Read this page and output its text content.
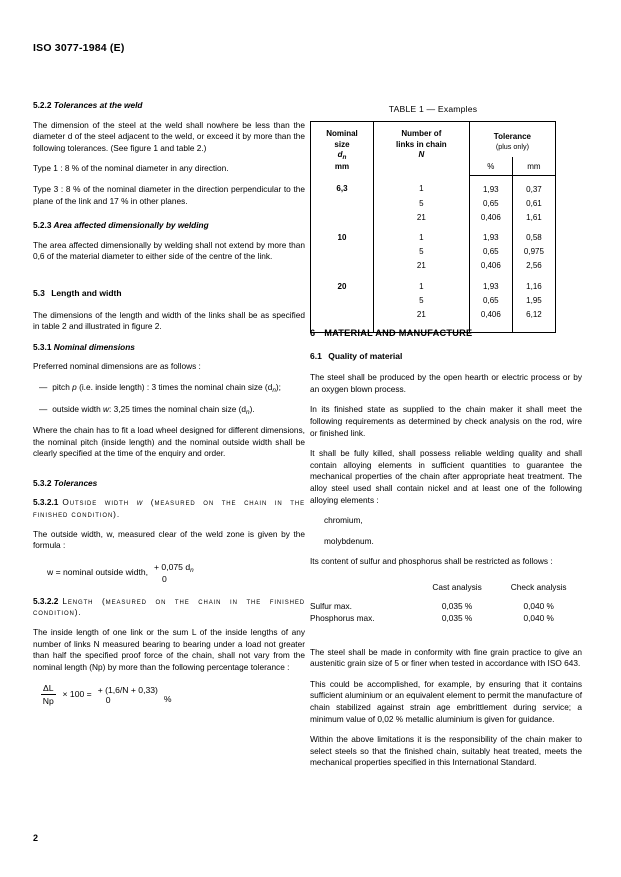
ISO 3077-1984 (E)
5.2.2 Tolerances at the weld

The dimension of the steel at the weld shall nowhere be less than the diameter d of the steel adjacent to the weld, or exceed it by more than the following tolerances. (See figure 1 and table 2.)

Type 1 : 8 % of the nominal diameter in any direction.

Type 3 : 8 % of the nominal diameter in the direction perpendicular to the plane of the link and 17 % in other planes.

5.2.3 Area affected dimensionally by welding

The area affected dimensionally by welding shall not extend by more than 0,6 of the material diameter to either side of the centre of the link.

5.3 Length and width

The dimensions of the length and width of the links shall be as specified in table 2 and illustrated in figure 2.

5.3.1 Nominal dimensions

Preferred nominal dimensions are as follows :

— pitch p (i.e. inside length) : 3 times the nominal chain size $(d_n)$;
— outside width w: 3,25 times the nominal chain size $(d_n)$.

Where the chain has to fit a load wheel designed for different dimensions, the nominal pitch (inside length) and the nominal outside width shall be clearly specified at the time of the enquiry and order.

5.3.2 Tolerances
5.3.2.1 Outside width w (measured on the chain in the finished condition).

The outside width, w, measured clear of the weld zone is given by the formula :

w = nominal outside width,
+ 0,075 $d_n$
0
5.3.2.2 Length (measured on the chain in the finished condition).

The inside length of one link or the sum L of the inside lengths of any number of links N measured bearing to bearing under a load not greater than half the specified proof force of the chain, shall not vary from the nominal length (Np) by more than the following percentage tolerance :

$\frac{\Delta L}{Np} \times 100$ = + (1,6/N + 0,33)
0	%
6 MATERIAL AND MANUFACTURE
6.1 Quality of material

The steel shall be produced by the open hearth or electric process or by an oxygen blown process.

In its finished state as supplied to the chain maker it shall meet the following requirements as determined by check analysis on the rod, wire or finished link.

It shall be fully killed, shall possess reliable welding quality and shall contain alloying elements in sufficient quantities to guarantee the mechanical properties of the chain after appropriate heat treatment. The alloy steel used shall contain nickel and at least one of the following alloying elements :

chromium,
molybdenum.

Its content of sulfur and phosphorus shall be restricted as follows :

	Cast analysis	Check analysis
Sulfur max.	0,035 %	0,040 %
Phosphorus max.	0,035 %	0,040 %

The steel shall be made in conformity with fine grain practice to give an austenitic grain size of 5 or finer when tested in accordance with ISO 643.

This could be accomplished, for example, by ensuring that it contains sufficient aluminium or an equivalent element to permit the manufacture of chain stabilized against strain age embrittlement during service; a minimum value of 0,02 % metallic aluminium is given for guidance.

Within the above limitations it is the responsibility of the chain maker to select steels so that the finished chain, suitably heat treated, meets the mechanical properties specified in this International Standard.

TABLE 1 — Examples
Nominal
size
$d_n$
mm	Number of
links in chain
N	
Tolerance
(plus only)

		%	mm
6,3	1	1,93	0,37
	5	0,65	0,61
	21	0,406	1,61
10	1	1,93	0,58
	5	0,65	0,975
	21	0,406	2,56
20	1	1,93	1,16
	5	0,65	1,95
	21	0,406	6,12
2
